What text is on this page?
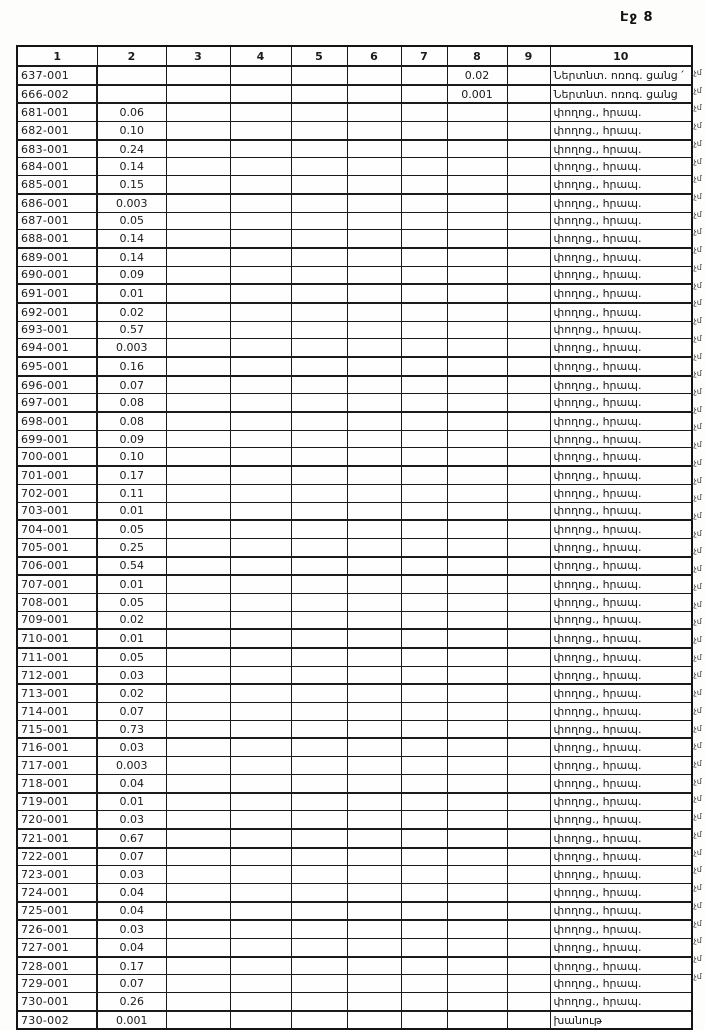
Էջ 8
1	2	3	4	5	6	7	8	9	10
637-001							0.02		Ներտնտ. ոռոգ. ցանց ՛
666-002							0.001		Ներտնտ. ոռոգ. ցանց
681-001	0.06								փողոց., հրապ.
682-001	0.10								փողոց., հրապ.
683-001	0.24								փողոց., հրապ.
684-001	0.14								փողոց., հրապ.
685-001	0.15								փողոց., հրապ.
686-001	0.003								փողոց., հրապ.
687-001	0.05								փողոց., հրապ.
688-001	0.14								փողոց., հրապ.
689-001	0.14								փողոց., հրապ.
690-001	0.09								փողոց., հրապ.
691-001	0.01								փողոց., հրապ.
692-001	0.02								փողոց., հրապ.
693-001	0.57								փողոց., հրապ.
694-001	0.003								փողոց., հրապ.
695-001	0.16								փողոց., հրապ.
696-001	0.07								փողոց., հրապ.
697-001	0.08								փողոց., հրապ.
698-001	0.08								փողոց., հրապ.
699-001	0.09								փողոց., հրապ.
700-001	0.10								փողոց., հրապ.
701-001	0.17								փողոց., հրապ.
702-001	0.11								փողոց., հրապ.
703-001	0.01								փողոց., հրապ.
704-001	0.05								փողոց., հրապ.
705-001	0.25								փողոց., հրապ.
706-001	0.54								փողոց., հրապ.
707-001	0.01								փողոց., հրապ.
708-001	0.05								փողոց., հրապ.
709-001	0.02								փողոց., հրապ.
710-001	0.01								փողոց., հրապ.
711-001	0.05								փողոց., հրապ.
712-001	0.03								փողոց., հրապ.
713-001	0.02								փողոց., հրապ.
714-001	0.07								փողոց., հրապ.
715-001	0.73								փողոց., հրապ.
716-001	0.03								փողոց., հրապ.
717-001	0.003								փողոց., հրապ.
718-001	0.04								փողոց., հրապ.
719-001	0.01								փողոց., հրապ.
720-001	0.03								փողոց., հրապ.
721-001	0.67								փողոց., հրապ.
722-001	0.07								փողոց., հրապ.
723-001	0.03								փողոց., հրապ.
724-001	0.04								փողոց., հրապ.
725-001	0.04								փողոց., հրապ.
726-001	0.03								փողոց., հրապ.
727-001	0.04								փողոց., հրապ.
728-001	0.17								փողոց., հրապ.
729-001	0.07								փողոց., հրապ.
730-001	0.26								փողոց., հրապ.
730-002	0.001								խանութ
.չմ
.չմ
.չմ
.չմ
.չմ
.չմ
.չմ
.չմ
.չմ
.չմ
.չմ
.չմ
.չմ
.չմ
.չմ
.չմ
.չմ
.չմ
.չմ
.չմ
.չմ
.չմ
.չմ
.չմ
.չմ
.չմ
.չմ
.չմ
.չմ
.չմ
.չմ
.չմ
.չմ
.չմ
.չմ
.չմ
.չմ
.չմ
.չմ
.չմ
.չմ
.չմ
.չմ
.չմ
.չմ
.չմ
.չմ
.չմ
.չմ
.չմ
.չմ
.չմ
